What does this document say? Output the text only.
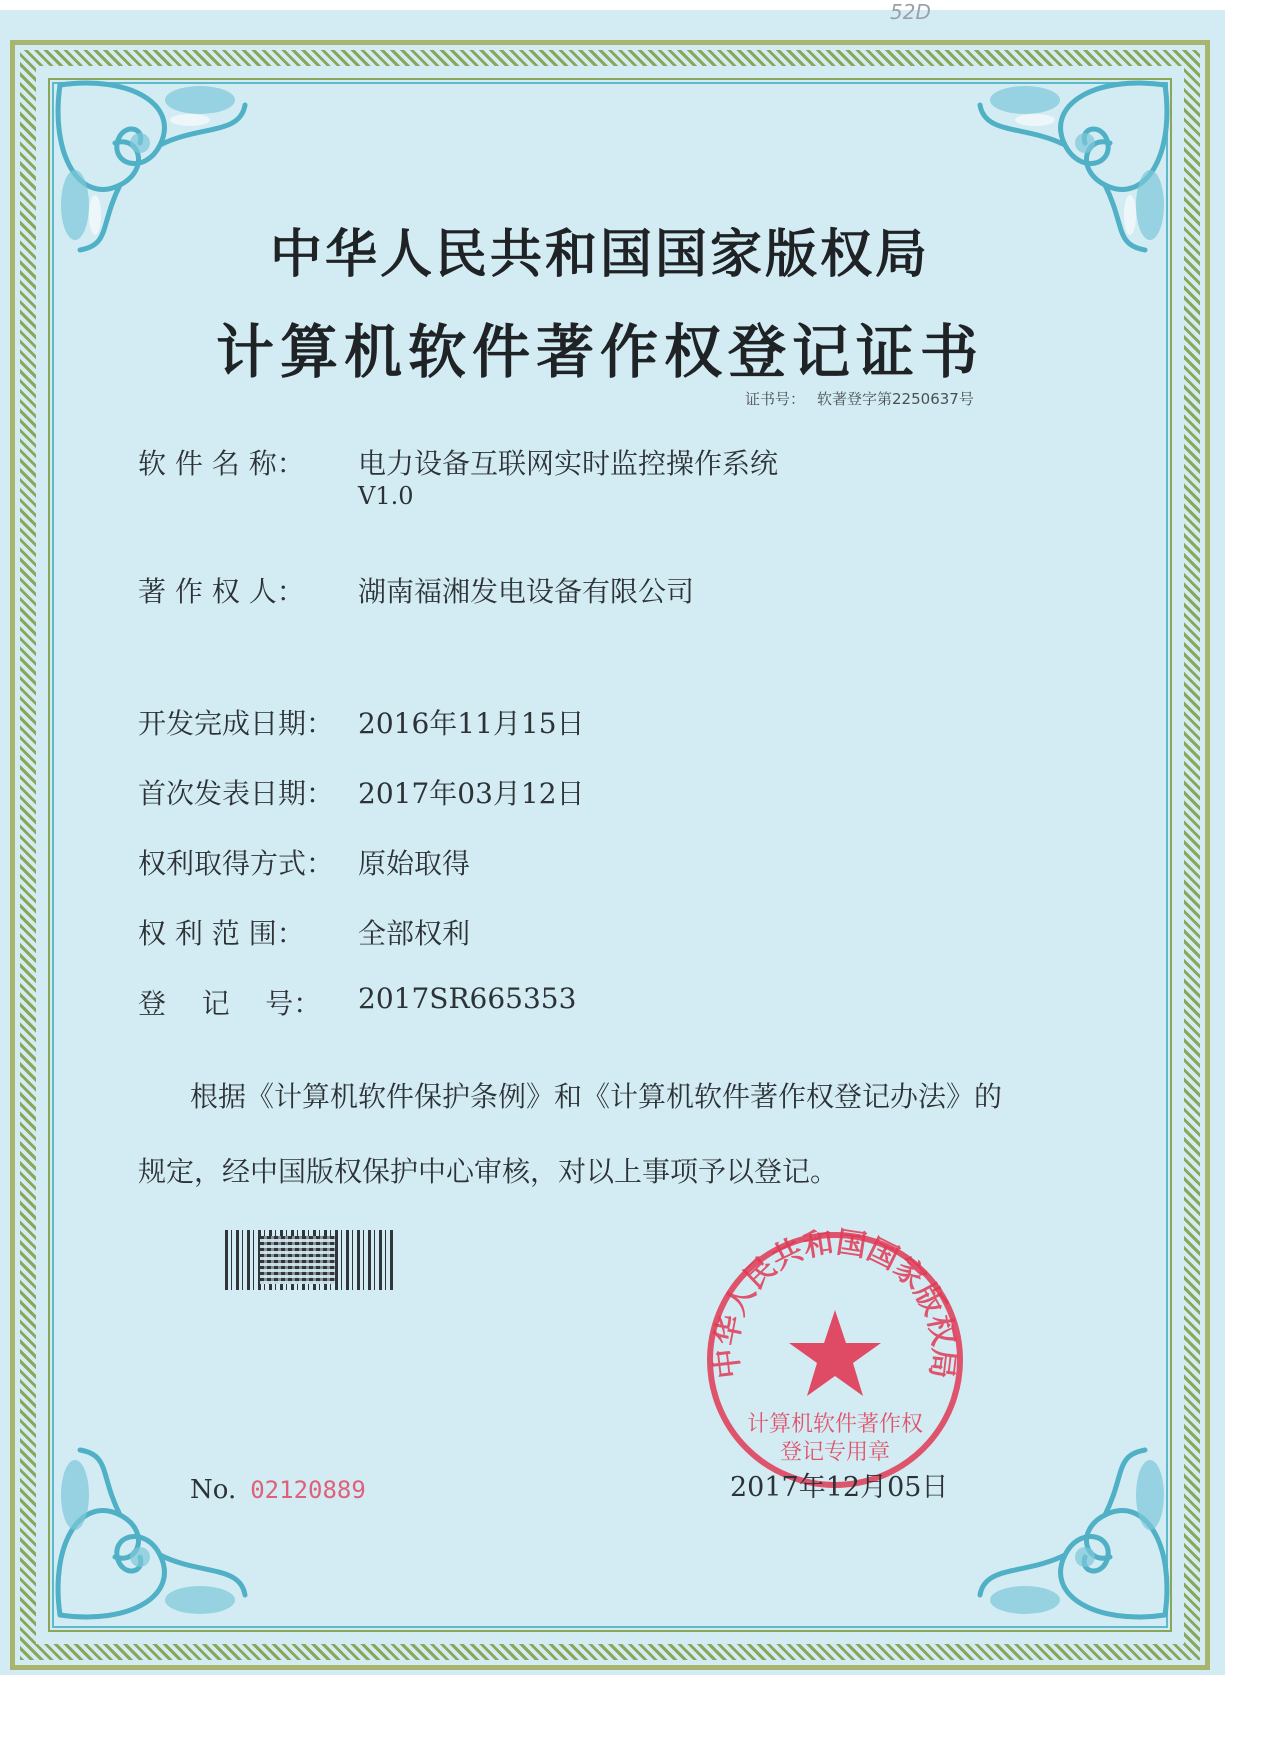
中华人民共和国国家版权局
计算机软件著作权登记证书
证书号： 软著登字第2250637号
软 件 名 称： 电力设备互联网实时监控操作系统
V1.0
著 作 权 人： 湖南福湘发电设备有限公司
开发完成日期： 2016年11月15日
首次发表日期： 2017年03月12日
权利取得方式： 原始取得
权 利 范 围： 全部权利
登    记    号： 2017SR665353
根据《计算机软件保护条例》和《计算机软件著作权登记办法》的
规定，经中国版权保护中心审核，对以上事项予以登记。
中华人民共和国国家版权局
计算机软件著作权
登记专用章
No. 02120889	2017年12月05日
52D
